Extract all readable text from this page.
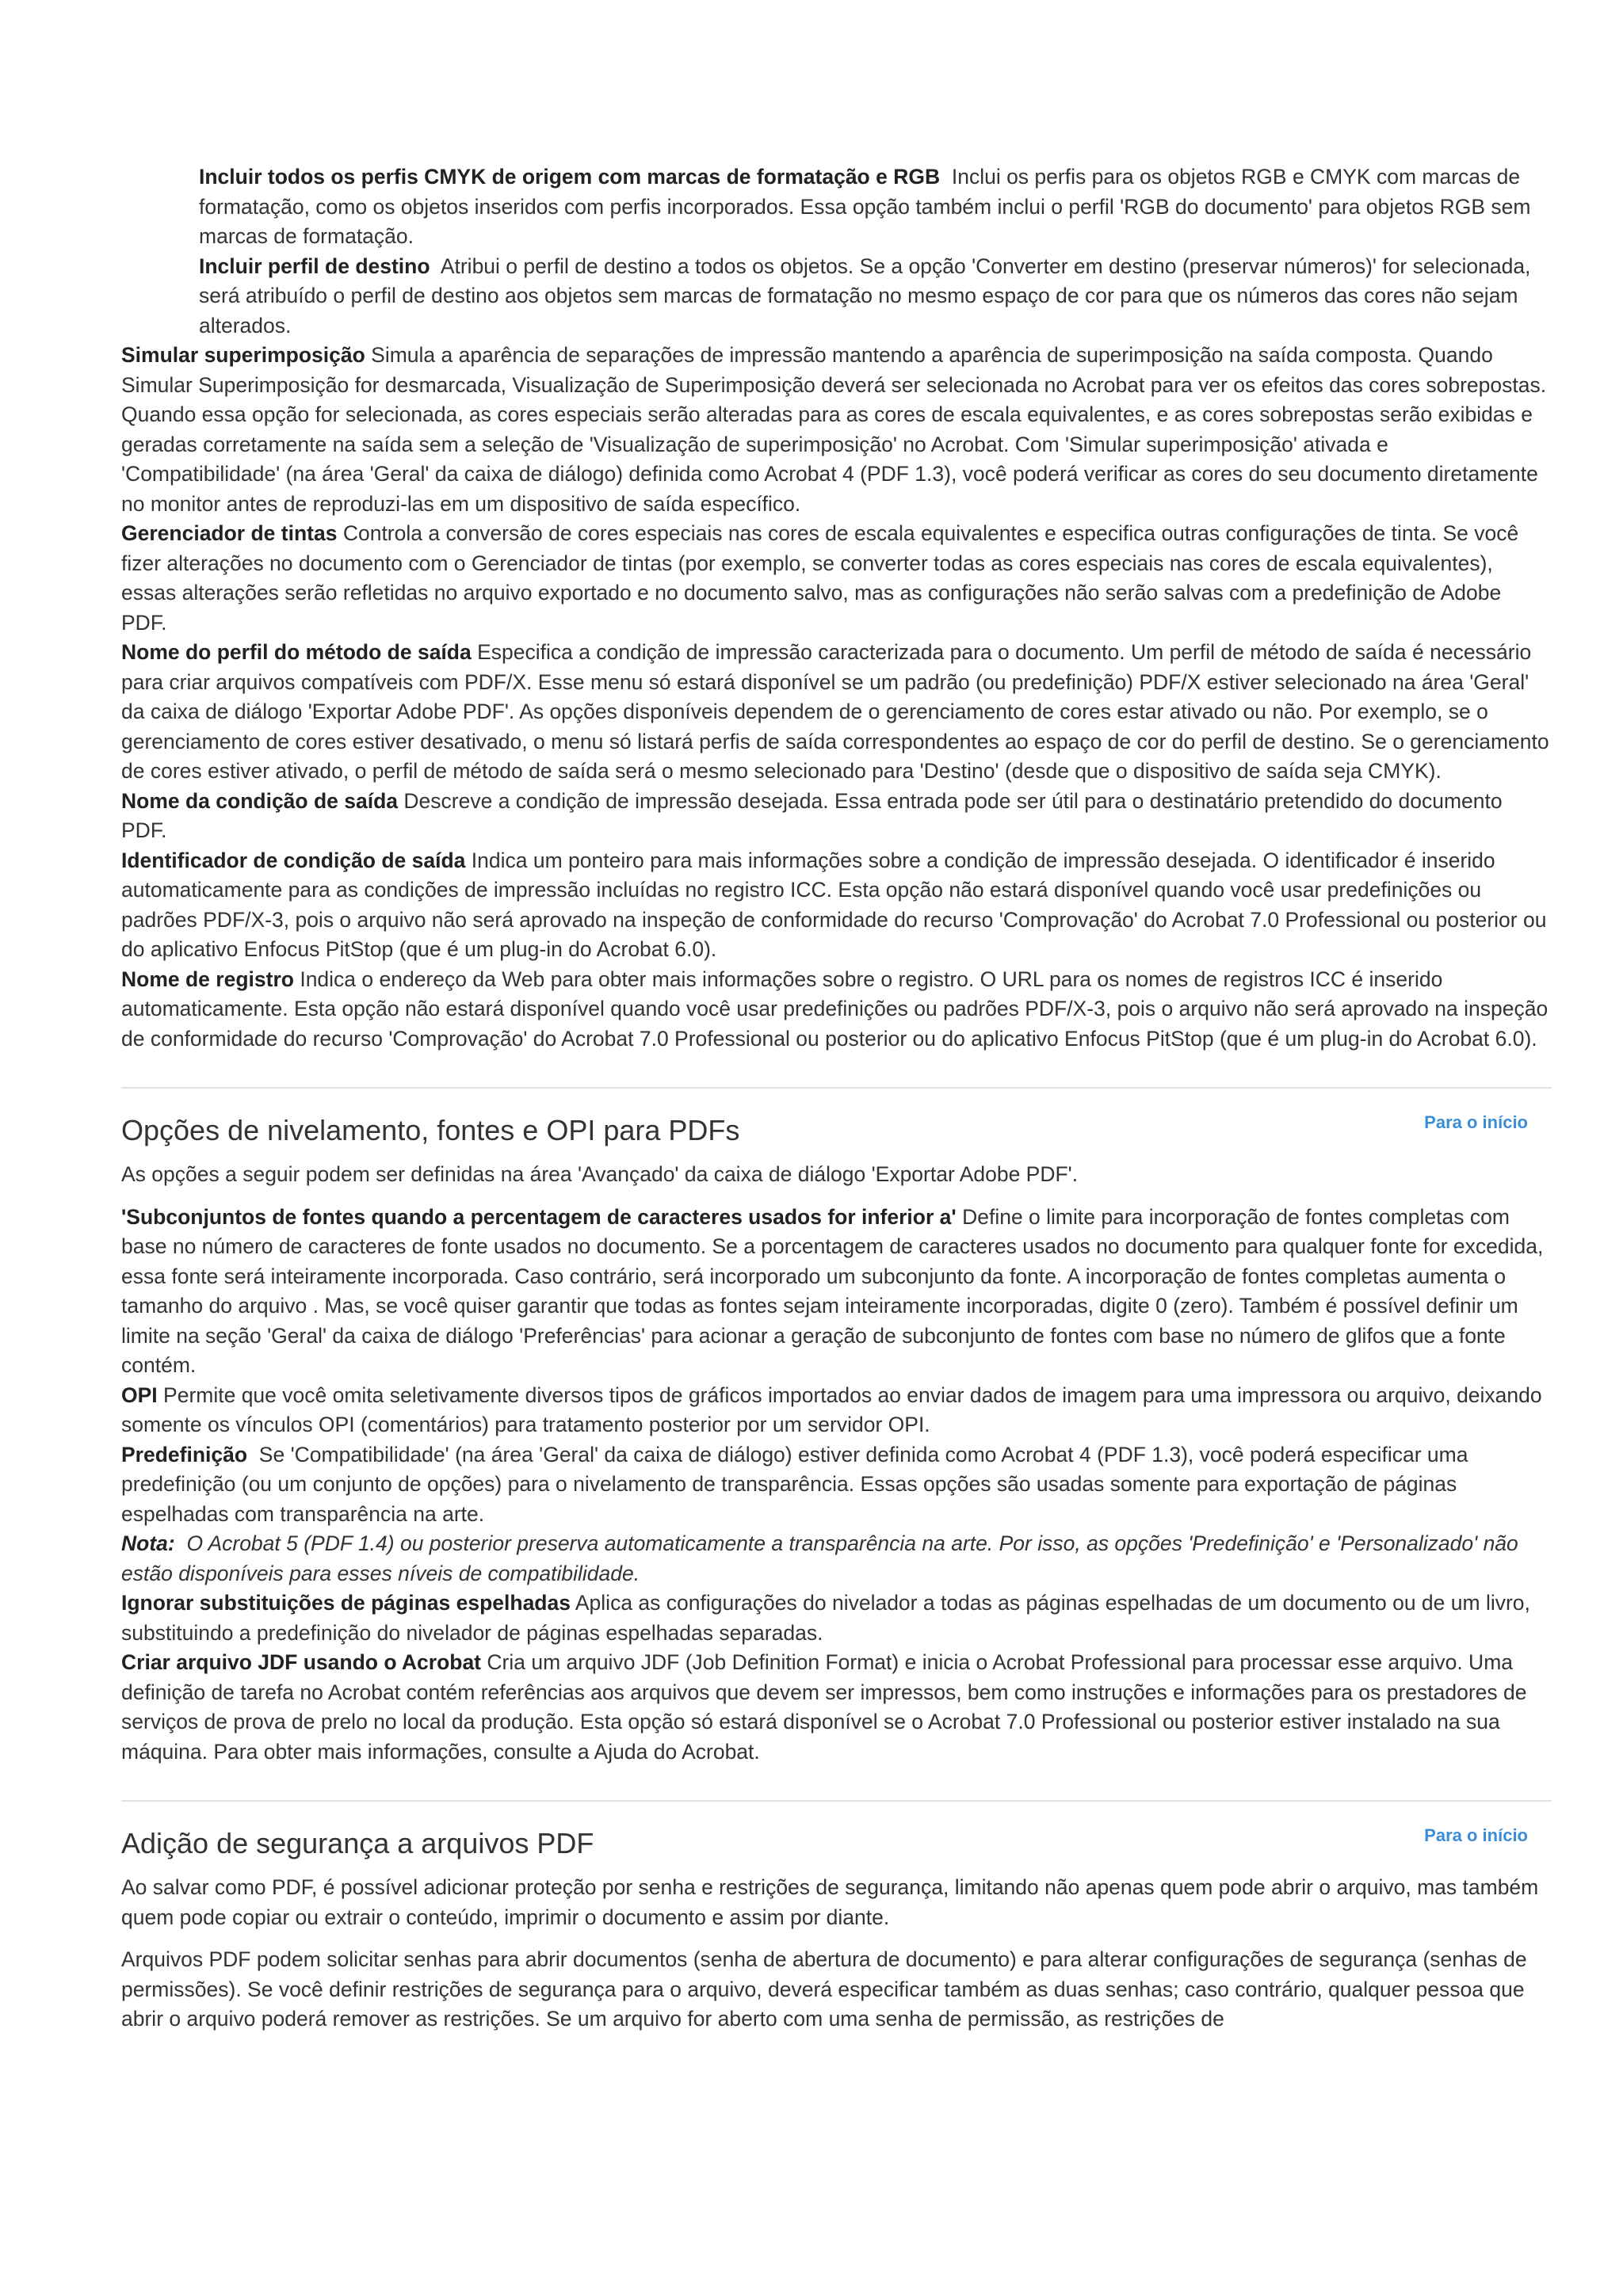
Incluir todos os perfis CMYK de origem com marcas de formatação e RGB Inclui os perfis para os objetos RGB e CMYK com marcas de formatação, como os objetos inseridos com perfis incorporados. Essa opção também inclui o perfil 'RGB do documento' para objetos RGB sem marcas de formatação.

Incluir perfil de destino Atribui o perfil de destino a todos os objetos. Se a opção 'Converter em destino (preservar números)' for selecionada, será atribuído o perfil de destino aos objetos sem marcas de formatação no mesmo espaço de cor para que os números das cores não sejam alterados.

Simular superimposição Simula a aparência de separações de impressão mantendo a aparência de superimposição na saída composta. Quando Simular Superimposição for desmarcada, Visualização de Superimposição deverá ser selecionada no Acrobat para ver os efeitos das cores sobrepostas. Quando essa opção for selecionada, as cores especiais serão alteradas para as cores de escala equivalentes, e as cores sobrepostas serão exibidas e geradas corretamente na saída sem a seleção de 'Visualização de superimposição' no Acrobat. Com 'Simular superimposição' ativada e 'Compatibilidade' (na área 'Geral' da caixa de diálogo) definida como Acrobat 4 (PDF 1.3), você poderá verificar as cores do seu documento diretamente no monitor antes de reproduzi-las em um dispositivo de saída específico.

Gerenciador de tintas Controla a conversão de cores especiais nas cores de escala equivalentes e especifica outras configurações de tinta. Se você fizer alterações no documento com o Gerenciador de tintas (por exemplo, se converter todas as cores especiais nas cores de escala equivalentes), essas alterações serão refletidas no arquivo exportado e no documento salvo, mas as configurações não serão salvas com a predefinição de Adobe PDF.

Nome do perfil do método de saída Especifica a condição de impressão caracterizada para o documento. Um perfil de método de saída é necessário para criar arquivos compatíveis com PDF/X. Esse menu só estará disponível se um padrão (ou predefinição) PDF/X estiver selecionado na área 'Geral' da caixa de diálogo 'Exportar Adobe PDF'. As opções disponíveis dependem de o gerenciamento de cores estar ativado ou não. Por exemplo, se o gerenciamento de cores estiver desativado, o menu só listará perfis de saída correspondentes ao espaço de cor do perfil de destino. Se o gerenciamento de cores estiver ativado, o perfil de método de saída será o mesmo selecionado para 'Destino' (desde que o dispositivo de saída seja CMYK).

Nome da condição de saída Descreve a condição de impressão desejada. Essa entrada pode ser útil para o destinatário pretendido do documento PDF.

Identificador de condição de saída Indica um ponteiro para mais informações sobre a condição de impressão desejada. O identificador é inserido automaticamente para as condições de impressão incluídas no registro ICC. Esta opção não estará disponível quando você usar predefinições ou padrões PDF/X-3, pois o arquivo não será aprovado na inspeção de conformidade do recurso 'Comprovação' do Acrobat 7.0 Professional ou posterior ou do aplicativo Enfocus PitStop (que é um plug-in do Acrobat 6.0).

Nome de registro Indica o endereço da Web para obter mais informações sobre o registro. O URL para os nomes de registros ICC é inserido automaticamente. Esta opção não estará disponível quando você usar predefinições ou padrões PDF/X-3, pois o arquivo não será aprovado na inspeção de conformidade do recurso 'Comprovação' do Acrobat 7.0 Professional ou posterior ou do aplicativo Enfocus PitStop (que é um plug-in do Acrobat 6.0).

Opções de nivelamento, fontes e OPI para PDFs	Para o início

As opções a seguir podem ser definidas na área 'Avançado' da caixa de diálogo 'Exportar Adobe PDF'.

'Subconjuntos de fontes quando a percentagem de caracteres usados for inferior a' Define o limite para incorporação de fontes completas com base no número de caracteres de fonte usados no documento. Se a porcentagem de caracteres usados no documento para qualquer fonte for excedida, essa fonte será inteiramente incorporada. Caso contrário, será incorporado um subconjunto da fonte. A incorporação de fontes completas aumenta o tamanho do arquivo . Mas, se você quiser garantir que todas as fontes sejam inteiramente incorporadas, digite 0 (zero). Também é possível definir um limite na seção 'Geral' da caixa de diálogo 'Preferências' para acionar a geração de subconjunto de fontes com base no número de glifos que a fonte contém.

OPI Permite que você omita seletivamente diversos tipos de gráficos importados ao enviar dados de imagem para uma impressora ou arquivo, deixando somente os vínculos OPI (comentários) para tratamento posterior por um servidor OPI.

Predefinição Se 'Compatibilidade' (na área 'Geral' da caixa de diálogo) estiver definida como Acrobat 4 (PDF 1.3), você poderá especificar uma predefinição (ou um conjunto de opções) para o nivelamento de transparência. Essas opções são usadas somente para exportação de páginas espelhadas com transparência na arte.

Nota: O Acrobat 5 (PDF 1.4) ou posterior preserva automaticamente a transparência na arte. Por isso, as opções 'Predefinição' e 'Personalizado' não estão disponíveis para esses níveis de compatibilidade.

Ignorar substituições de páginas espelhadas Aplica as configurações do nivelador a todas as páginas espelhadas de um documento ou de um livro, substituindo a predefinição do nivelador de páginas espelhadas separadas.

Criar arquivo JDF usando o Acrobat Cria um arquivo JDF (Job Definition Format) e inicia o Acrobat Professional para processar esse arquivo. Uma definição de tarefa no Acrobat contém referências aos arquivos que devem ser impressos, bem como instruções e informações para os prestadores de serviços de prova de prelo no local da produção. Esta opção só estará disponível se o Acrobat 7.0 Professional ou posterior estiver instalado na sua máquina. Para obter mais informações, consulte a Ajuda do Acrobat.

Adição de segurança a arquivos PDF	Para o início

Ao salvar como PDF, é possível adicionar proteção por senha e restrições de segurança, limitando não apenas quem pode abrir o arquivo, mas também quem pode copiar ou extrair o conteúdo, imprimir o documento e assim por diante.

Arquivos PDF podem solicitar senhas para abrir documentos (senha de abertura de documento) e para alterar configurações de segurança (senhas de permissões). Se você definir restrições de segurança para o arquivo, deverá especificar também as duas senhas; caso contrário, qualquer pessoa que abrir o arquivo poderá remover as restrições. Se um arquivo for aberto com uma senha de permissão, as restrições de
